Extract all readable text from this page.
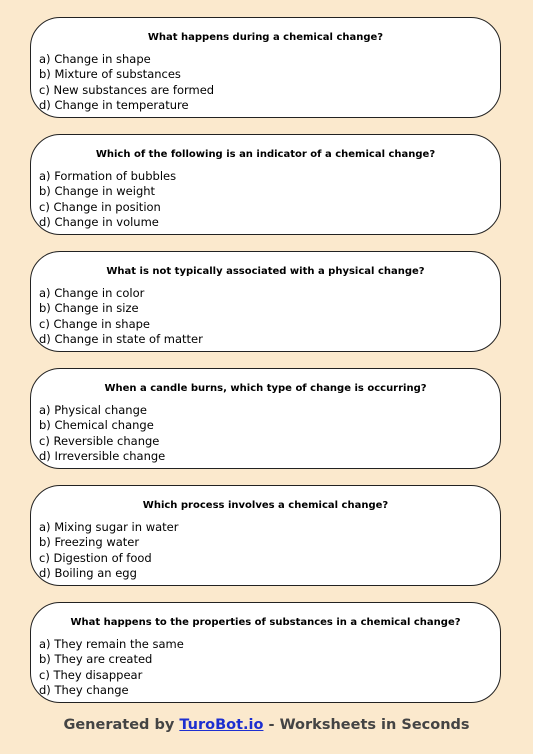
What happens during a chemical change?
a) Change in shape
b) Mixture of substances
c) New substances are formed
d) Change in temperature
Which of the following is an indicator of a chemical change?
a) Formation of bubbles
b) Change in weight
c) Change in position
d) Change in volume
What is not typically associated with a physical change?
a) Change in color
b) Change in size
c) Change in shape
d) Change in state of matter
When a candle burns, which type of change is occurring?
a) Physical change
b) Chemical change
c) Reversible change
d) Irreversible change
Which process involves a chemical change?
a) Mixing sugar in water
b) Freezing water
c) Digestion of food
d) Boiling an egg
What happens to the properties of substances in a chemical change?
a) They remain the same
b) They are created
c) They disappear
d) They change
Generated by TuroBot.io - Worksheets in Seconds
